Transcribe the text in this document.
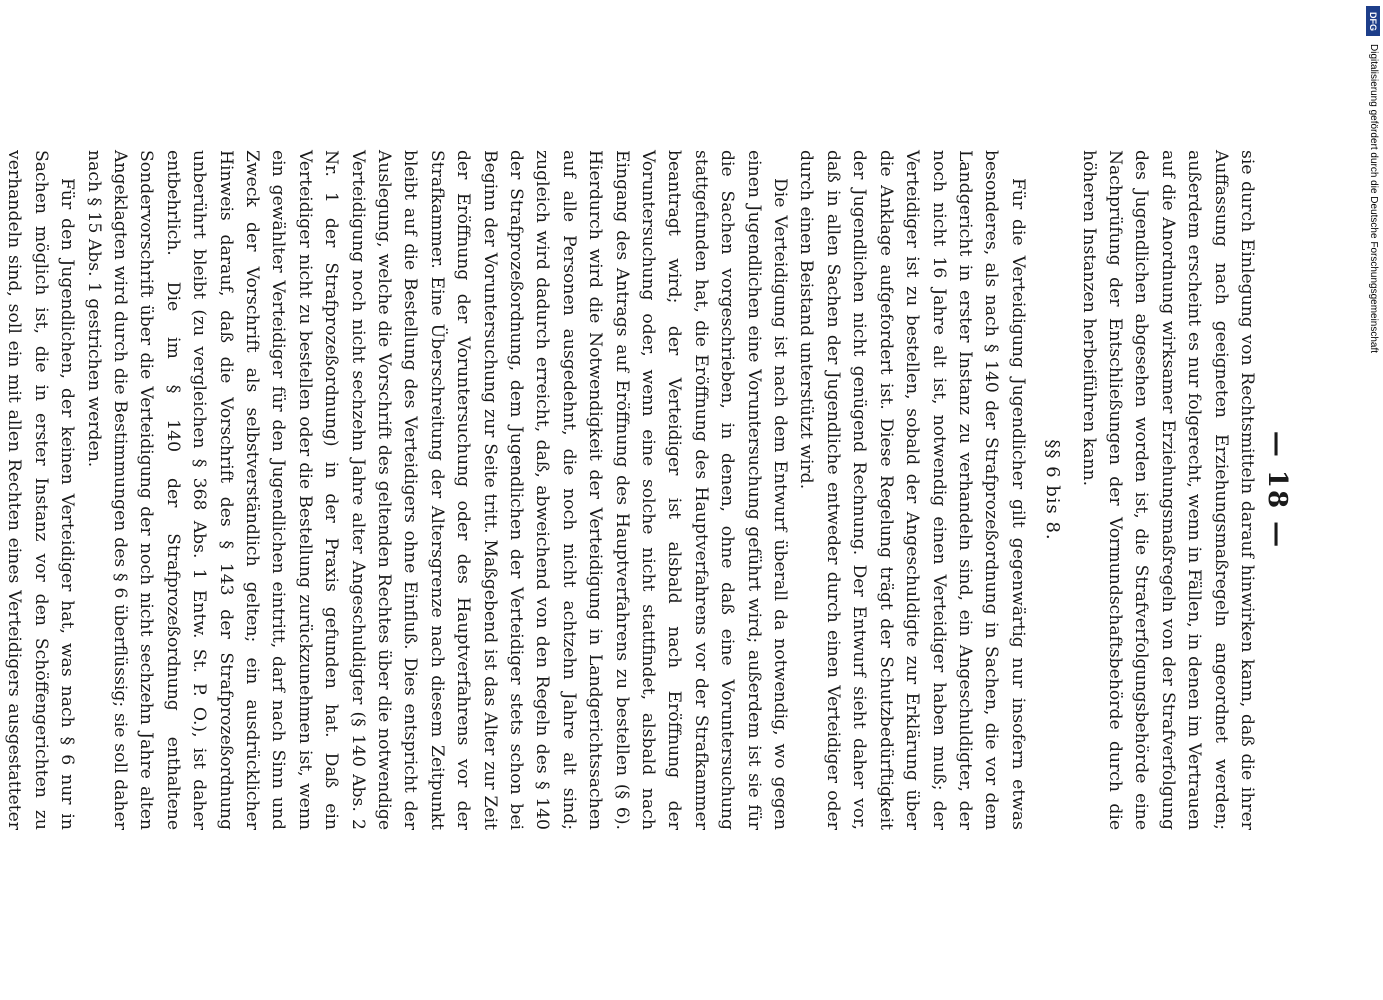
— 18 —

sie durch Einlegung von Rechtsmitteln darauf hinwirken kann, daß die ihrer Auffassung nach geeigneten Erziehungsmaßregeln angeordnet werden; außerdem erscheint es nur folgerecht, wenn in Fällen, in denen im Vertrauen auf die Anordnung wirksamer Erziehungsmaßregeln von der Strafverfolgung des Jugendlichen abgesehen worden ist, die Strafverfolgungsbehörde eine Nachprüfung der Entschließungen der Vormundschaftsbehörde durch die höheren Instanzen herbeiführen kann.

§§ 6 bis 8.

Für die Verteidigung Jugendlicher gilt gegenwärtig nur insofern etwas besonderes, als nach § 140 der Strafprozeßordnung in Sachen, die vor dem Landgericht in erster Instanz zu verhandeln sind, ein Angeschuldigter, der noch nicht 16 Jahre alt ist, notwendig einen Verteidiger haben muß; der Verteidiger ist zu bestellen, sobald der Angeschuldigte zur Erklärung über die Anklage aufgefordert ist. Diese Regelung trägt der Schutzbedürftigkeit der Jugendlichen nicht genügend Rechnung. Der Entwurf sieht daher vor, daß in allen Sachen der Jugendliche entweder durch einen Verteidiger oder durch einen Beistand unterstützt wird.

Die Verteidigung ist nach dem Entwurf überall da notwendig, wo gegen einen Jugendlichen eine Voruntersuchung geführt wird; außerdem ist sie für die Sachen vorgeschrieben, in denen, ohne daß eine Voruntersuchung stattgefunden hat, die Eröffnung des Hauptverfahrens vor der Strafkammer beantragt wird; der Verteidiger ist alsbald nach Eröffnung der Voruntersuchung oder, wenn eine solche nicht stattfindet, alsbald nach Eingang des Antrags auf Eröffnung des Hauptverfahrens zu bestellen (§ 6). Hierdurch wird die Notwendigkeit der Verteidigung in Landgerichtssachen auf alle Personen ausgedehnt, die noch nicht achtzehn Jahre alt sind; zugleich wird dadurch erreicht, daß, abweichend von den Regeln des § 140 der Strafprozeßordnung, dem Jugendlichen der Verteidiger stets schon bei Beginn der Voruntersuchung zur Seite tritt. Maßgebend ist das Alter zur Zeit der Eröffnung der Voruntersuchung oder des Hauptverfahrens vor der Strafkammer. Eine Überschreitung der Altersgrenze nach diesem Zeitpunkt bleibt auf die Bestellung des Verteidigers ohne Einfluß. Dies entspricht der Auslegung, welche die Vorschrift des geltenden Rechtes über die notwendige Verteidigung noch nicht sechzehn Jahre alter Angeschuldigter (§ 140 Abs. 2 Nr. 1 der Strafprozeßordnung) in der Praxis gefunden hat. Daß ein Verteidiger nicht zu bestellen oder die Bestellung zurückzunehmen ist, wenn ein gewählter Verteidiger für den Jugendlichen eintritt, darf nach Sinn und Zweck der Vorschrift als selbstverständlich gelten; ein ausdrücklicher Hinweis darauf, daß die Vorschrift des § 143 der Strafprozeßordnung unberührt bleibt (zu vergleichen § 368 Abs. 1 Entw. St. P. O.), ist daher entbehrlich. Die im § 140 der Strafprozeßordnung enthaltene Sondervorschrift über die Verteidigung der noch nicht sechzehn Jahre alten Angeklagten wird durch die Bestimmungen des § 6 überflüssig; sie soll daher nach § 15 Abs. 1 gestrichen werden.

Für den Jugendlichen, der keinen Verteidiger hat, was nach § 6 nur in Sachen möglich ist, die in erster Instanz vor den Schöffengerichten zu verhandeln sind, soll ein mit allen Rechten eines Verteidigers ausgestatteter

DFG
Digitalisierung gefördert durch die Deutsche Forschungsgemeinschaft
